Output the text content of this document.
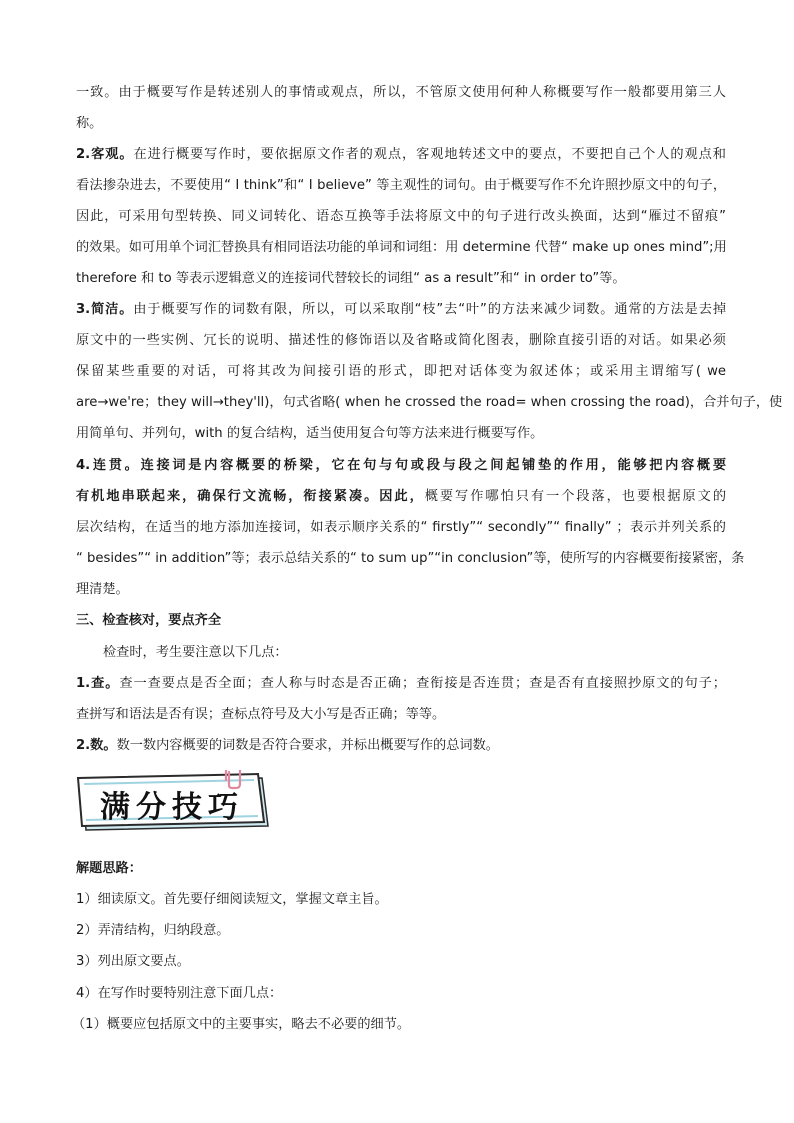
一致。由于概要写作是转述别人的事情或观点，所以，不管原文使用何种人称概要写作一般都要用第三人
称。
2.客观。在进行概要写作时，要依据原文作者的观点，客观地转述文中的要点，不要把自己个人的观点和
看法掺杂进去，不要使用“ I think”和“ I believe” 等主观性的词句。由于概要写作不允许照抄原文中的句子，
因此，可采用句型转换、同义词转化、语态互换等手法将原文中的句子进行改头换面，达到“雁过不留痕”
的效果。如可用单个词汇替换具有相同语法功能的单词和词组：用 determine 代替“ make up ones mind”;用
therefore 和 to 等表示逻辑意义的连接词代替较长的词组“ as a result”和“ in order to”等。
3.简洁。由于概要写作的词数有限，所以，可以采取削“枝”去“叶”的方法来减少词数。通常的方法是去掉
原文中的一些实例、冗长的说明、描述性的修饰语以及省略或简化图表，删除直接引语的对话。如果必须
保留某些重要的对话，可将其改为间接引语的形式，即把对话体变为叙述体；或采用主谓缩写( we
are→we're；they will→they'll)，句式省略( when he crossed the road= when crossing the road)，合并句子，使
用简单句、并列句，with 的复合结构，适当使用复合句等方法来进行概要写作。
4.连贯。连接词是内容概要的桥梁，它在句与句或段与段之间起铺垫的作用，能够把内容概要
有机地串联起来，确保行文流畅，衔接紧凑。因此，概要写作哪怕只有一个段落，也要根据原文的
层次结构，在适当的地方添加连接词，如表示顺序关系的“ firstly”“ secondly”“ finally” ；表示并列关系的
“ besides”“ in addition”等；表示总结关系的“ to sum up”“in conclusion”等，使所写的内容概要衔接紧密，条
理清楚。
三、检查核对，要点齐全
检查时，考生要注意以下几点：
1.查。查一查要点是否全面；查人称与时态是否正确；查衔接是否连贯；查是否有直接照抄原文的句子；
查拼写和语法是否有误；查标点符号及大小写是否正确；等等。
2.数。数一数内容概要的词数是否符合要求，并标出概要写作的总词数。
解题思路：
1）细读原文。首先要仔细阅读短文，掌握文章主旨。
2）弄清结构，归纳段意。
3）列出原文要点。
4）在写作时要特别注意下面几点：
（1）概要应包括原文中的主要事实，略去不必要的细节。
满分技巧
